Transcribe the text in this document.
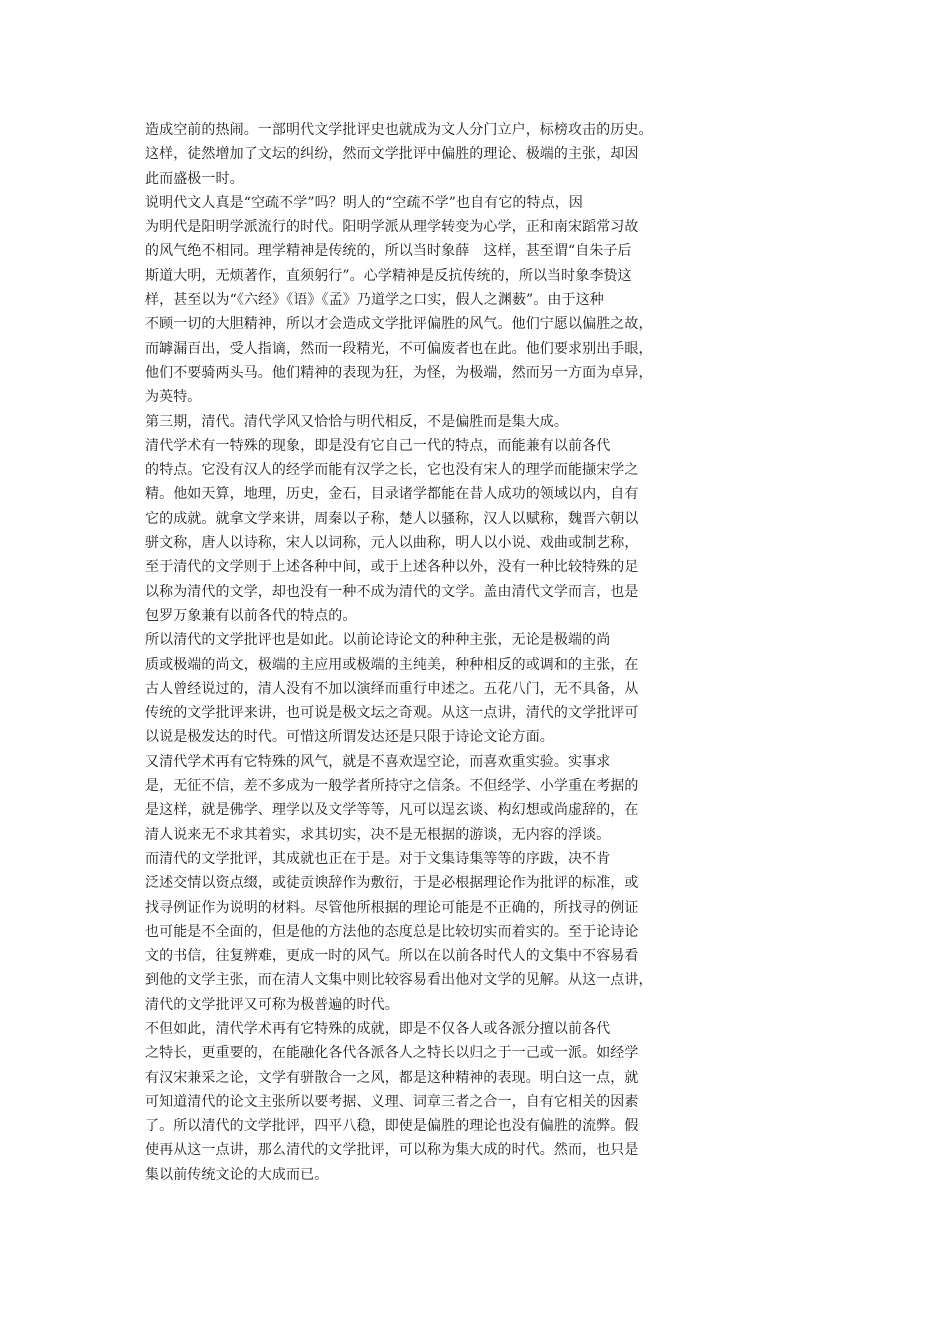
造成空前的热闹。一部明代文学批评史也就成为文人分门立户，标榜攻击的历史。
这样，徒然增加了文坛的纠纷，然而文学批评中偏胜的理论、极端的主张，却因
此而盛极一时。
说明代文人真是“空疏不学”吗？明人的“空疏不学”也自有它的特点，因
为明代是阳明学派流行的时代。阳明学派从理学转变为心学，正和南宋蹈常习故
的风气绝不相同。理学精神是传统的，所以当时象薛　这样，甚至谓“自朱子后
斯道大明，无烦著作，直须躬行”。心学精神是反抗传统的，所以当时象李贽这
样，甚至以为“《六经》《语》《孟》乃道学之口实，假人之渊薮”。由于这种
不顾一切的大胆精神，所以才会造成文学批评偏胜的风气。他们宁愿以偏胜之故，
而罅漏百出，受人指谪，然而一段精光，不可偏废者也在此。他们要求别出手眼，
他们不要骑两头马。他们精神的表现为狂，为怪，为极端，然而另一方面为卓异，
为英特。
第三期，清代。清代学风又恰恰与明代相反，不是偏胜而是集大成。
清代学术有一特殊的现象，即是没有它自己一代的特点，而能兼有以前各代
的特点。它没有汉人的经学而能有汉学之长，它也没有宋人的理学而能撷宋学之
精。他如天算，地理，历史，金石，目录诸学都能在昔人成功的领域以内，自有
它的成就。就拿文学来讲，周秦以子称，楚人以骚称，汉人以赋称，魏晋六朝以
骈文称，唐人以诗称，宋人以词称，元人以曲称，明人以小说、戏曲或制艺称，
至于清代的文学则于上述各种中间，或于上述各种以外，没有一种比较特殊的足
以称为清代的文学，却也没有一种不成为清代的文学。盖由清代文学而言，也是
包罗万象兼有以前各代的特点的。
所以清代的文学批评也是如此。以前论诗论文的种种主张，无论是极端的尚
质或极端的尚文，极端的主应用或极端的主纯美，种种相反的或调和的主张，在
古人曾经说过的，清人没有不加以演绎而重行申述之。五花八门，无不具备，从
传统的文学批评来讲，也可说是极文坛之奇观。从这一点讲，清代的文学批评可
以说是极发达的时代。可惜这所谓发达还是只限于诗论文论方面。
又清代学术再有它特殊的风气，就是不喜欢逞空论，而喜欢重实验。实事求
是，无征不信，差不多成为一般学者所持守之信条。不但经学、小学重在考据的
是这样，就是佛学、理学以及文学等等，凡可以逞玄谈、构幻想或尚虚辞的，在
清人说来无不求其着实，求其切实，决不是无根据的游谈，无内容的浮谈。
而清代的文学批评，其成就也正在于是。对于文集诗集等等的序跋，决不肯
泛述交情以资点缀，或徒贡谀辞作为敷衍，于是必根据理论作为批评的标准，或
找寻例证作为说明的材料。尽管他所根据的理论可能是不正确的，所找寻的例证
也可能是不全面的，但是他的方法他的态度总是比较切实而着实的。至于论诗论
文的书信，往复辨难，更成一时的风气。所以在以前各时代人的文集中不容易看
到他的文学主张，而在清人文集中则比较容易看出他对文学的见解。从这一点讲，
清代的文学批评又可称为极普遍的时代。
不但如此，清代学术再有它特殊的成就，即是不仅各人或各派分擅以前各代
之特长，更重要的，在能融化各代各派各人之特长以归之于一己或一派。如经学
有汉宋兼采之论，文学有骈散合一之风，都是这种精神的表现。明白这一点，就
可知道清代的论文主张所以要考据、义理、词章三者之合一，自有它相关的因素
了。所以清代的文学批评，四平八稳，即使是偏胜的理论也没有偏胜的流弊。假
使再从这一点讲，那么清代的文学批评，可以称为集大成的时代。然而，也只是
集以前传统文论的大成而已。
